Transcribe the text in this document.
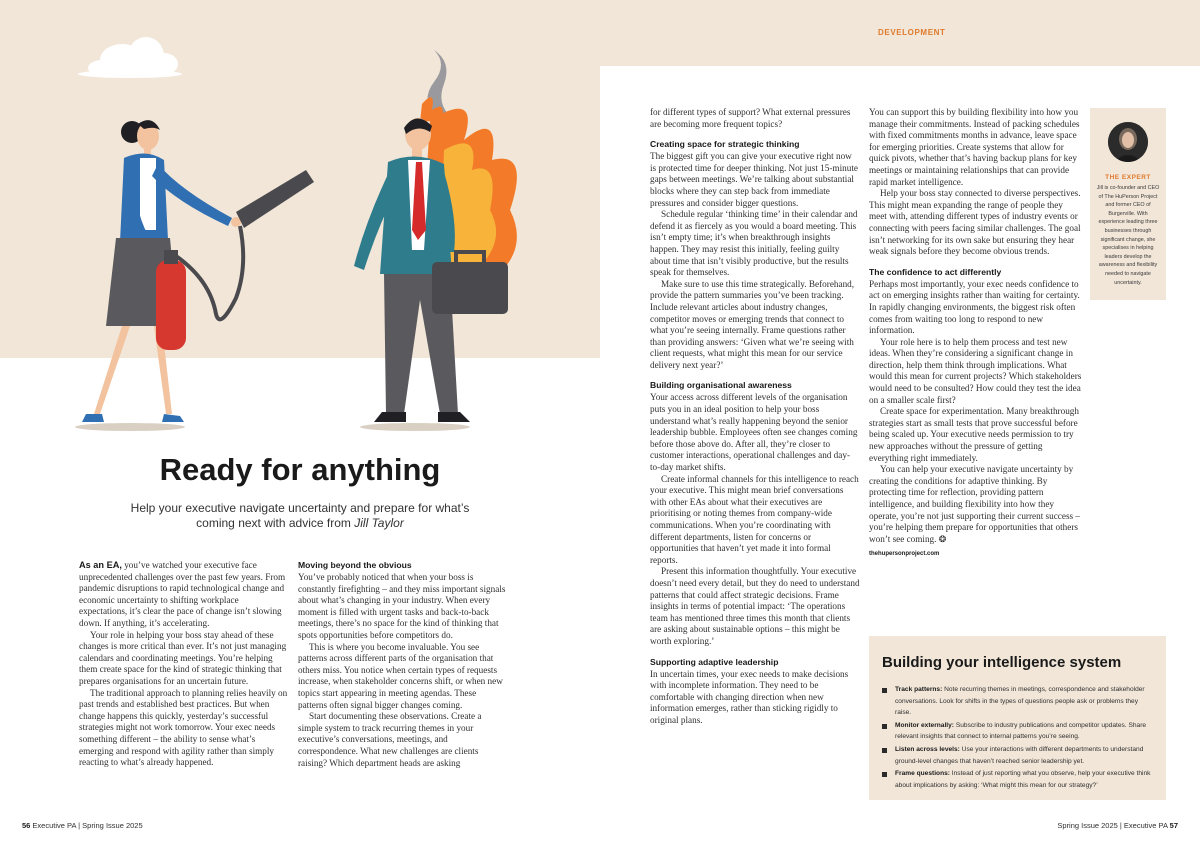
DEVELOPMENT
Ready for anything
Help your executive navigate uncertainty and prepare for what’s coming next with advice from Jill Taylor

As an EA, you’ve watched your executive face unprecedented challenges over the past few years. From pandemic disruptions to rapid technological change and economic uncertainty to shifting workplace expectations, it’s clear the pace of change isn’t slowing down. If anything, it’s accelerating.

Your role in helping your boss stay ahead of these changes is more critical than ever. It’s not just managing calendars and coordinating meetings. You’re helping them create space for the kind of strategic thinking that prepares organisations for an uncertain future.

The traditional approach to planning relies heavily on past trends and established best practices. But when change happens this quickly, yesterday’s successful strategies might not work tomorrow. Your exec needs something different – the ability to sense what’s emerging and respond with agility rather than simply reacting to what’s already happened.

Moving beyond the obvious

You’ve probably noticed that when your boss is constantly firefighting – and they miss important signals about what’s changing in your industry. When every moment is filled with urgent tasks and back-to-back meetings, there’s no space for the kind of thinking that spots opportunities before competitors do.

This is where you become invaluable. You see patterns across different parts of the organisation that others miss. You notice when certain types of requests increase, when stakeholder concerns shift, or when new topics start appearing in meeting agendas. These patterns often signal bigger changes coming.

Start documenting these observations. Create a simple system to track recurring themes in your executive’s conversations, meetings, and correspondence. What new challenges are clients raising? Which department heads are asking

for different types of support? What external pressures are becoming more frequent topics?

Creating space for strategic thinking

The biggest gift you can give your executive right now is protected time for deeper thinking. Not just 15-minute gaps between meetings. We’re talking about substantial blocks where they can step back from immediate pressures and consider bigger questions.

Schedule regular ‘thinking time’ in their calendar and defend it as fiercely as you would a board meeting. This isn’t empty time; it’s when breakthrough insights happen. They may resist this initially, feeling guilty about time that isn’t visibly productive, but the results speak for themselves.

Make sure to use this time strategically. Beforehand, provide the pattern summaries you’ve been tracking. Include relevant articles about industry changes, competitor moves or emerging trends that connect to what you’re seeing internally. Frame questions rather than providing answers: ‘Given what we’re seeing with client requests, what might this mean for our service delivery next year?’

Building organisational awareness

Your access across different levels of the organisation puts you in an ideal position to help your boss understand what’s really happening beyond the senior leadership bubble. Employees often see changes coming before those above do. After all, they’re closer to customer interactions, operational challenges and day-to-day market shifts.

Create informal channels for this intelligence to reach your executive. This might mean brief conversations with other EAs about what their executives are prioritising or noting themes from company-wide communications. When you’re coordinating with different departments, listen for concerns or opportunities that haven’t yet made it into formal reports.

Present this information thoughtfully. Your executive doesn’t need every detail, but they do need to understand patterns that could affect strategic decisions. Frame insights in terms of potential impact: ‘The operations team has mentioned three times this month that clients are asking about sustainable options – this might be worth exploring.’

Supporting adaptive leadership

In uncertain times, your exec needs to make decisions with incomplete information. They need to be comfortable with changing direction when new information emerges, rather than sticking rigidly to original plans.

You can support this by building flexibility into how you manage their commitments. Instead of packing schedules with fixed commitments months in advance, leave space for emerging priorities. Create systems that allow for quick pivots, whether that’s having backup plans for key meetings or maintaining relationships that can provide rapid market intelligence.

Help your boss stay connected to diverse perspectives. This might mean expanding the range of people they meet with, attending different types of industry events or connecting with peers facing similar challenges. The goal isn’t networking for its own sake but ensuring they hear weak signals before they become obvious trends.

The confidence to act differently

Perhaps most importantly, your exec needs confidence to act on emerging insights rather than waiting for certainty. In rapidly changing environments, the biggest risk often comes from waiting too long to respond to new information.

Your role here is to help them process and test new ideas. When they’re considering a significant change in direction, help them think through implications. What would this mean for current projects? Which stakeholders would need to be consulted? How could they test the idea on a smaller scale first?

Create space for experimentation. Many breakthrough strategies start as small tests that prove successful before being scaled up. Your executive needs permission to try new approaches without the pressure of getting everything right immediately.

You can help your executive navigate uncertainty by creating the conditions for adaptive thinking. By protecting time for reflection, providing pattern intelligence, and building flexibility into how they operate, you’re not just supporting their current success – you’re helping them prepare for opportunities that others won’t see coming. ❂

thehupersonproject.com
THE EXPERT
Jill is co-founder and CEO of The HuPerson Project and former CEO of Burgerville. With experience leading three businesses through significant change, she specialises in helping leaders develop the awareness and flexibility needed to navigate uncertainty.
Building your intelligence system
Track patterns: Note recurring themes in meetings, correspondence and stakeholder conversations. Look for shifts in the types of questions people ask or problems they raise.
Monitor externally: Subscribe to industry publications and competitor updates. Share relevant insights that connect to internal patterns you’re seeing.
Listen across levels: Use your interactions with different departments to understand ground-level changes that haven’t reached senior leadership yet.
Frame questions: Instead of just reporting what you observe, help your executive think about implications by asking: ‘What might this mean for our strategy?’
56 Executive PA | Spring Issue 2025	Spring Issue 2025 | Executive PA 57
